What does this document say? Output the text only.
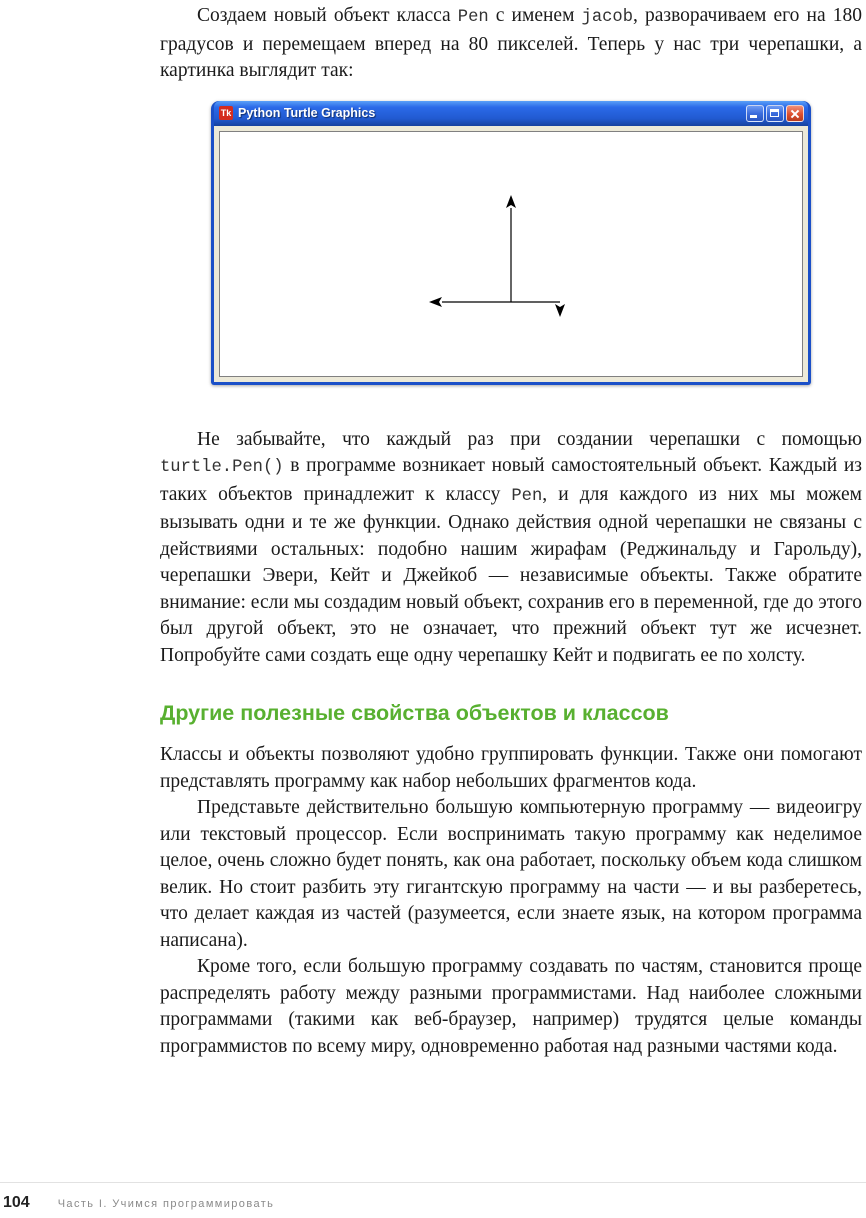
Создаем новый объект класса Pen с именем jacob, разворачиваем его на 180 градусов и перемещаем вперед на 80 пикселей. Теперь у нас три черепашки, а картинка выглядит так:

Tk Python Turtle Graphics

Не забывайте, что каждый раз при создании черепашки с помощью turtle.Pen() в программе возникает новый самостоятельный объект. Каждый из таких объектов принадлежит к классу Pen, и для каждого из них мы можем вызывать одни и те же функции. Однако действия одной черепашки не связаны с действиями остальных: подобно нашим жирафам (Реджинальду и Гарольду), черепашки Эвери, Кейт и Джейкоб — независимые объекты. Также обратите внимание: если мы создадим новый объект, сохранив его в переменной, где до этого был другой объект, это не означает, что прежний объект тут же исчезнет. Попробуйте сами создать еще одну черепашку Кейт и подвигать ее по холсту.

Другие полезные свойства объектов и классов

Классы и объекты позволяют удобно группировать функции. Также они помогают представлять программу как набор небольших фрагментов кода.

Представьте действительно большую компьютерную программу — видеоигру или текстовый процессор. Если воспринимать такую программу как неделимое целое, очень сложно будет понять, как она работает, поскольку объем кода слишком велик. Но стоит разбить эту гигантскую программу на части — и вы разберетесь, что делает каждая из частей (разумеется, если знаете язык, на котором программа написана).

Кроме того, если большую программу создавать по частям, становится проще распределять работу между разными программистами. Над наиболее сложными программами (такими как веб-браузер, например) трудятся целые команды программистов по всему миру, одновременно работая над разными частями кода.

104	Часть I. Учимся программировать
